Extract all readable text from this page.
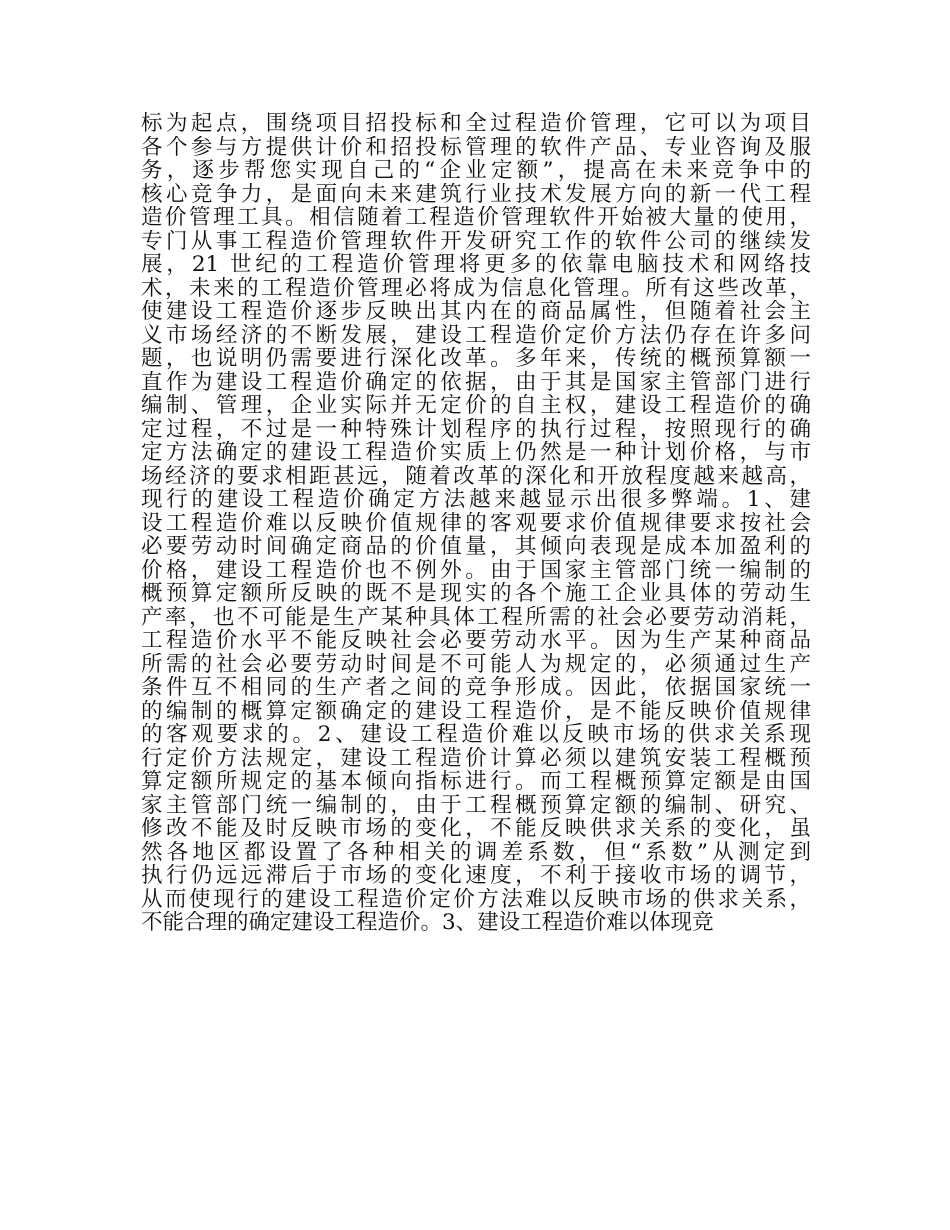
标为起点，围绕项目招投标和全过程造价管理，它可以为项目
各个参与方提供计价和招投标管理的软件产品、专业咨询及服
务，逐步帮您实现自己的“企业定额”，提高在未来竞争中的
核心竞争力，是面向未来建筑行业技术发展方向的新一代工程
造价管理工具。相信随着工程造价管理软件开始被大量的使用，
专门从事工程造价管理软件开发研究工作的软件公司的继续发
展，21 世纪的工程造价管理将更多的依靠电脑技术和网络技
术，未来的工程造价管理必将成为信息化管理。所有这些改革，
使建设工程造价逐步反映出其内在的商品属性，但随着社会主
义市场经济的不断发展，建设工程造价定价方法仍存在许多问
题，也说明仍需要进行深化改革。多年来，传统的概预算额一
直作为建设工程造价确定的依据，由于其是国家主管部门进行
编制、管理，企业实际并无定价的自主权，建设工程造价的确
定过程，不过是一种特殊计划程序的执行过程，按照现行的确
定方法确定的建设工程造价实质上仍然是一种计划价格，与市
场经济的要求相距甚远，随着改革的深化和开放程度越来越高，
现行的建设工程造价确定方法越来越显示出很多弊端。1、建
设工程造价难以反映价值规律的客观要求价值规律要求按社会
必要劳动时间确定商品的价值量，其倾向表现是成本加盈利的
价格，建设工程造价也不例外。由于国家主管部门统一编制的
概预算定额所反映的既不是现实的各个施工企业具体的劳动生
产率，也不可能是生产某种具体工程所需的社会必要劳动消耗，
工程造价水平不能反映社会必要劳动水平。因为生产某种商品
所需的社会必要劳动时间是不可能人为规定的，必须通过生产
条件互不相同的生产者之间的竞争形成。因此，依据国家统一
的编制的概算定额确定的建设工程造价，是不能反映价值规律
的客观要求的。2、建设工程造价难以反映市场的供求关系现
行定价方法规定，建设工程造价计算必须以建筑安装工程概预
算定额所规定的基本倾向指标进行。而工程概预算定额是由国
家主管部门统一编制的，由于工程概预算定额的编制、研究、
修改不能及时反映市场的变化，不能反映供求关系的变化，虽
然各地区都设置了各种相关的调差系数，但“系数”从测定到
执行仍远远滞后于市场的变化速度，不利于接收市场的调节，
从而使现行的建设工程造价定价方法难以反映市场的供求关系，
不能合理的确定建设工程造价。3、建设工程造价难以体现竞
